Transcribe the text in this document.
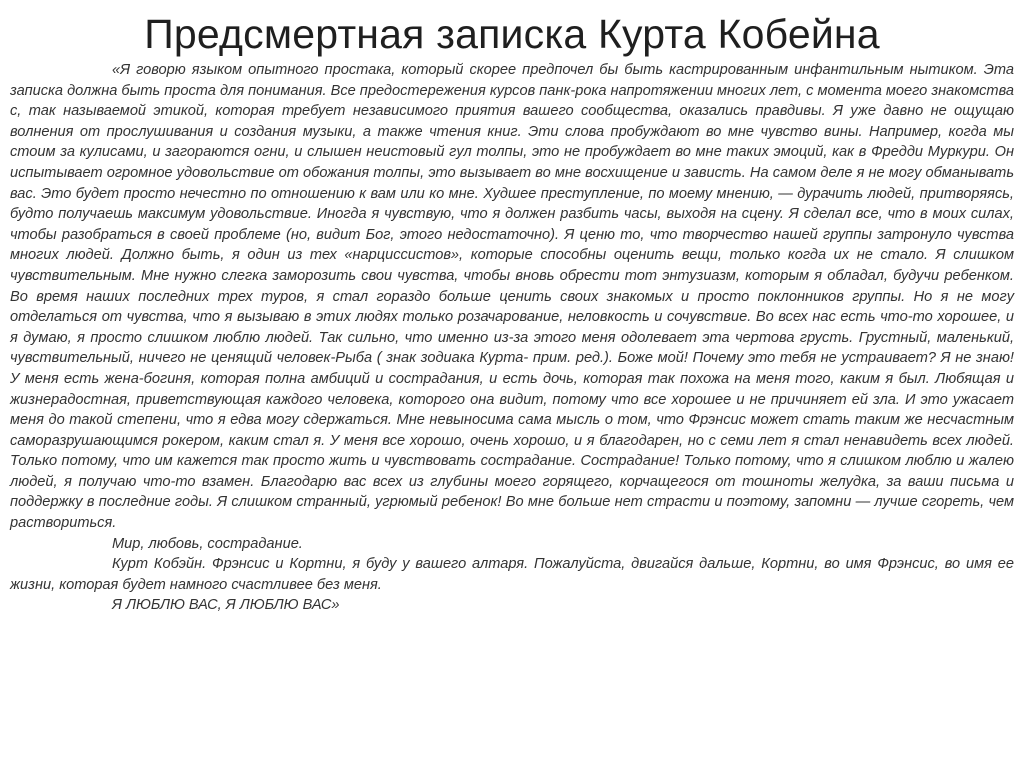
Предсмертная записка Курта Кобейна

«Я говорю языком опытного простака, который скорее предпочел бы быть кастрированным инфантильным нытиком. Эта записка должна быть проста для понимания. Все предостережения курсов панк-рока напротяжении многих лет, с момента моего знакомства с, так называемой этикой, которая требует независимого приятия вашего сообщества, оказались правдивы. Я уже давно не ощущаю волнения от прослушивания и создания музыки, а также чтения книг. Эти слова пробуждают во мне чувство вины. Например, когда мы стоим за кулисами, и загораются огни, и слышен неистовый гул толпы, это не пробуждает во мне таких эмоций, как в Фредди Муркури. Он испытывает огромное удовольствие от обожания толпы, это вызывает во мне восхищение и зависть. На самом деле я не могу обманывать вас. Это будет просто нечестно по отношению к вам или ко мне. Худшее преступление, по моему мнению, — дурачить людей, притворяясь, будто получаешь максимум удовольствие. Иногда я чувствую, что я должен разбить часы, выходя на сцену. Я сделал все, что в моих силах, чтобы разобраться в своей проблеме (но, видит Бог, этого недостаточно). Я ценю то, что творчество нашей группы затронуло чувства многих людей. Должно быть, я один из тех «нарциссистов», которые способны оценить вещи, только когда их не стало. Я слишком чувствительным. Мне нужно слегка заморозить свои чувства, чтобы вновь обрести тот энтузиазм, которым я обладал, будучи ребенком. Во время наших последних трех туров, я стал гораздо больше ценить своих знакомых и просто поклонников группы. Но я не могу отделаться от чувства, что я вызываю в этих людях только розачарование, неловкость и сочувствие. Во всех нас есть что-то хорошее, и я думаю, я просто слишком люблю людей. Так сильно, что именно из-за этого меня одолевает эта чертова грусть. Грустный, маленький, чувствительный, ничего не ценящий человек-Рыба ( знак зодиака Курта- прим. ред.). Боже мой! Почему это тебя не устраивает? Я не знаю! У меня есть жена-богиня, которая полна амбиций и сострадания, и есть дочь, которая так похожа на меня того, каким я был. Любящая и жизнерадостная, приветствующая каждого человека, которого она видит, потому что все хорошее и не причиняет ей зла. И это ужасает меня до такой степени, что я едва могу сдержаться. Мне невыносима сама мысль о том, что Фрэнсис может стать таким же несчастным саморазрушающимся рокером, каким стал я. У меня все хорошо, очень хорошо, и я благодарен, но с семи лет я стал ненавидеть всех людей. Только потому, что им кажется так просто жить и чувствовать сострадание. Сострадание! Только потому, что я слишком люблю и жалею людей, я получаю что-то взамен. Благодарю вас всех из глубины моего горящего, корчащегося от тошноты желудка, за ваши письма и поддержку в последние годы. Я слишком странный, угрюмый ребенок! Во мне больше нет страсти и поэтому, запомни — лучше сгореть, чем раствориться.

Мир, любовь, сострадание.

Курт Кобэйн. Фрэнсис и Кортни, я буду у вашего алтаря. Пожалуйста, двигайся дальше, Кортни, во имя Фрэнсис, во имя ее жизни, которая будет намного счастливее без меня.

Я ЛЮБЛЮ ВАС, Я ЛЮБЛЮ ВАС»
